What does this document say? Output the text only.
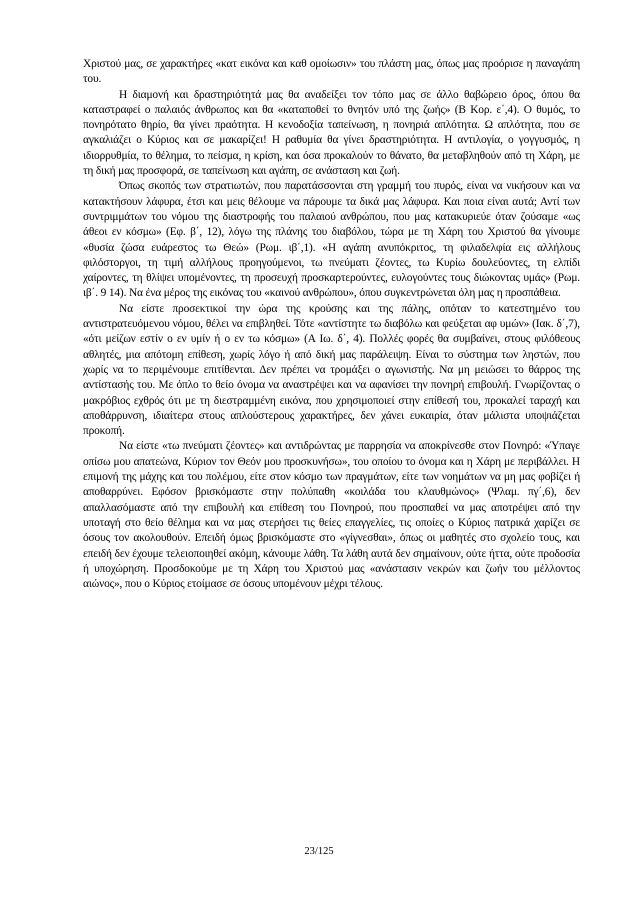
Χριστού μας, σε χαρακτήρες «κατ εικόνα και καθ ομοίωσιν» του πλάστη μας, όπως μας προόρισε η παναγάπη του.

Η διαμονή και δραστηριότητά μας θα αναδείξει τον τόπο μας σε άλλο θαβώρειο όρος, όπου θα καταστραφεί ο παλαιός άνθρωπος και θα «καταποθεί το θνητόν υπό της ζωής» (Β Κορ. ε΄,4). Ο θυμός, το πονηρότατο θηρίο, θα γίνει πραότητα. Η κενοδοξία ταπείνωση, η πονηριά απλότητα. Ω απλότητα, που σε αγκαλιάζει ο Κύριος και σε μακαρίζει! Η ραθυμία θα γίνει δραστηριότητα. Η αντιλογία, ο γογγυσμός, η ιδιορρυθμία, το θέλημα, το πείσμα, η κρίση, και όσα προκαλούν το θάνατο, θα μεταβληθούν από τη Χάρη, με τη δική μας προσφορά, σε ταπείνωση και αγάπη, σε ανάσταση και ζωή.

Όπως σκοπός των στρατιωτών, που παρατάσσονται στη γραμμή του πυρός, είναι να νικήσουν και να κατακτήσουν λάφυρα, έτσι και μεις θέλουμε να πάρουμε τα δικά μας λάφυρα. Και ποια είναι αυτά; Αντί των συντριμμάτων του νόμου της διαστροφής του παλαιού ανθρώπου, που μας κατακυριεύε όταν ζούσαμε «ως άθεοι εν κόσμω» (Εφ. β΄, 12), λόγω της πλάνης του διαβόλου, τώρα με τη Χάρη του Χριστού θα γίνουμε «θυσία ζώσα ευάρεστος τω Θεώ» (Ρωμ. ιβ΄,1). «Η αγάπη ανυπόκριτος, τη φιλαδελφία εις αλλήλους φιλόστοργοι, τη τιμή αλλήλους προηγούμενοι, τω πνεύματι ζέοντες, τω Κυρίω δουλεύοντες, τη ελπίδι χαίροντες, τη θλίψει υπομένοντες, τη προσευχή προσκαρτερούντες, ευλογούντες τους διώκοντας υμάς» (Ρωμ. ιβ΄. 9 14). Να ένα μέρος της εικόνας του «καινού ανθρώπου», όπου συγκεντρώνεται όλη μας η προσπάθεια.

Να είστε προσεκτικοί την ώρα της κρούσης και της πάλης, οπόταν το κατεστημένο του αντιστρατευόμενου νόμου, θέλει να επιβληθεί. Τότε «αντίστητε τω διαβόλω και φεύξεται αφ υμών» (Ιακ. δ΄,7), «ότι μείζων εστίν ο εν υμίν ή ο εν τω κόσμω» (Α Ιω. δ΄, 4). Πολλές φορές θα συμβαίνει, στους φιλόθεους αθλητές, μια απότομη επίθεση, χωρίς λόγο ή από δική μας παράλειψη. Είναι το σύστημα των ληστών, που χωρίς να το περιμένουμε επιτίθενται. Δεν πρέπει να τρομάξει ο αγωνιστής. Να μη μειώσει το θάρρος της αντίστασής του. Με όπλο το θείο όνομα να αναστρέψει και να αφανίσει την πονηρή επιβουλή. Γνωρίζοντας ο μακρόβιος εχθρός ότι με τη διεστραμμένη εικόνα, που χρησιμοποιεί στην επίθεσή του, προκαλεί ταραχή και αποθάρρυνση, ιδιαίτερα στους απλούστερους χαρακτήρες, δεν χάνει ευκαιρία, όταν μάλιστα υποψιάζεται προκοπή.

Να είστε «τω πνεύματι ζέοντες» και αντιδρώντας με παρρησία να αποκρίνεσθε στον Πονηρό: «Ύπαγε οπίσω μου απατεώνα, Κύριον τον Θεόν μου προσκυνήσω», του οποίου το όνομα και η Χάρη με περιβάλλει. Η επιμονή της μάχης και του πολέμου, είτε στον κόσμο των πραγμάτων, είτε των νοημάτων να μη μας φοβίζει ή αποθαρρύνει. Εφόσον βρισκόμαστε στην πολύπαθη «κοιλάδα του κλαυθμώνος» (Ψλαμ. πγ΄,6), δεν απαλλασόμαστε από την επιβουλή και επίθεση του Πονηρού, που προσπαθεί να μας αποτρέψει από την υποταγή στο θείο θέλημα και να μας στερήσει τις θείες επαγγελίες, τις οποίες ο Κύριος πατρικά χαρίζει σε όσους τον ακολουθούν. Επειδή όμως βρισκόμαστε στο «γίγνεσθαι», όπως οι μαθητές στο σχολείο τους, και επειδή δεν έχουμε τελειοποιηθεί ακόμη, κάνουμε λάθη. Τα λάθη αυτά δεν σημαίνουν, ούτε ήττα, ούτε προδοσία ή υποχώρηση. Προσδοκούμε με τη Χάρη του Χριστού μας «ανάστασιν νεκρών και ζωήν του μέλλοντος αιώνος», που ο Κύριος ετοίμασε σε όσους υπομένουν μέχρι τέλους.

23/125
